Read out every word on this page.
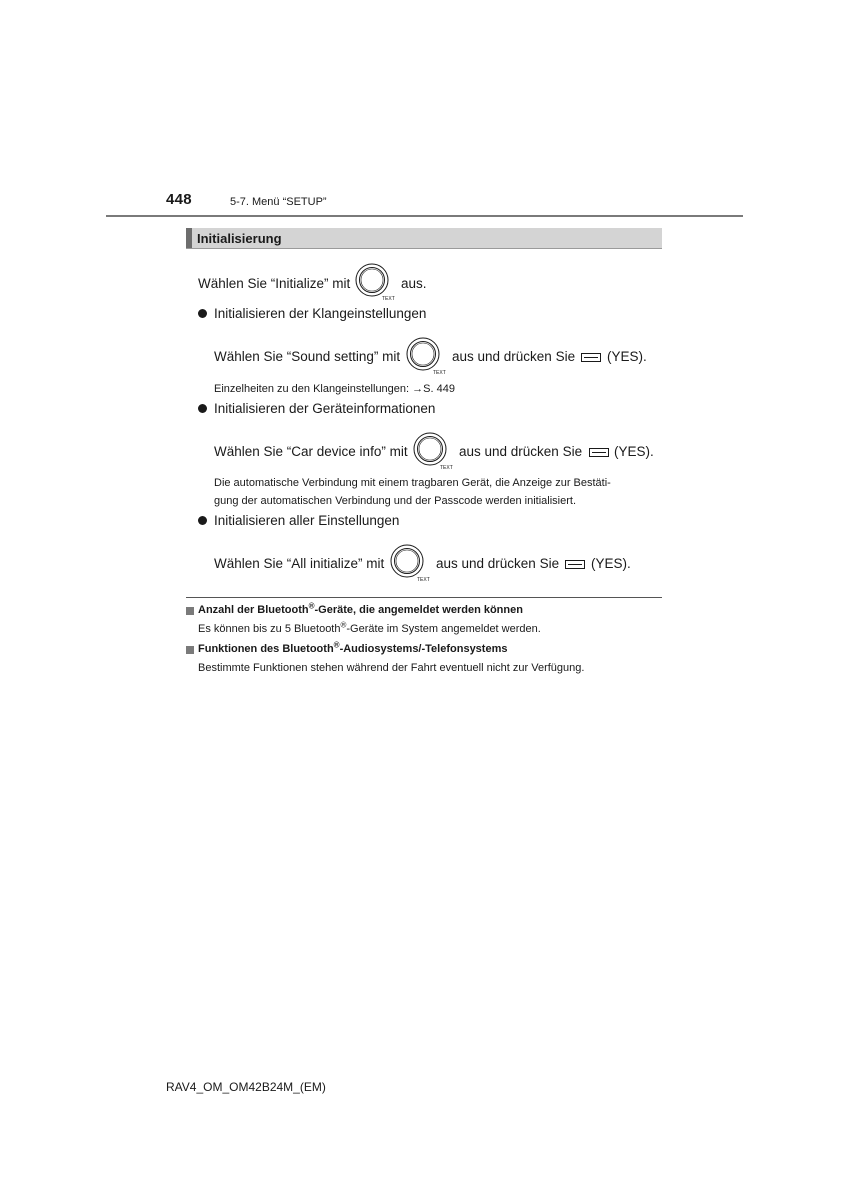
448	5-7. Menü “SETUP”
Initialisierung
Wählen Sie “Initialize” mit
TEXT
aus.
Initialisieren der Klangeinstellungen
Wählen Sie “Sound setting” mit
TEXT
aus und drücken Sie (YES).
Einzelheiten zu den Klangeinstellungen: →S. 449
Initialisieren der Geräteinformationen
Wählen Sie “Car device info” mit
TEXT
aus und drücken Sie (YES).
Die automatische Verbindung mit einem tragbaren Gerät, die Anzeige zur Bestäti-
gung der automatischen Verbindung und der Passcode werden initialisiert.
Initialisieren aller Einstellungen
Wählen Sie “All initialize” mit
TEXT
aus und drücken Sie (YES).
Anzahl der Bluetooth®-Geräte, die angemeldet werden können
Es können bis zu 5 Bluetooth®-Geräte im System angemeldet werden.
Funktionen des Bluetooth®-Audiosystems/-Telefonsystems
Bestimmte Funktionen stehen während der Fahrt eventuell nicht zur Verfügung.
RAV4_OM_OM42B24M_(EM)
